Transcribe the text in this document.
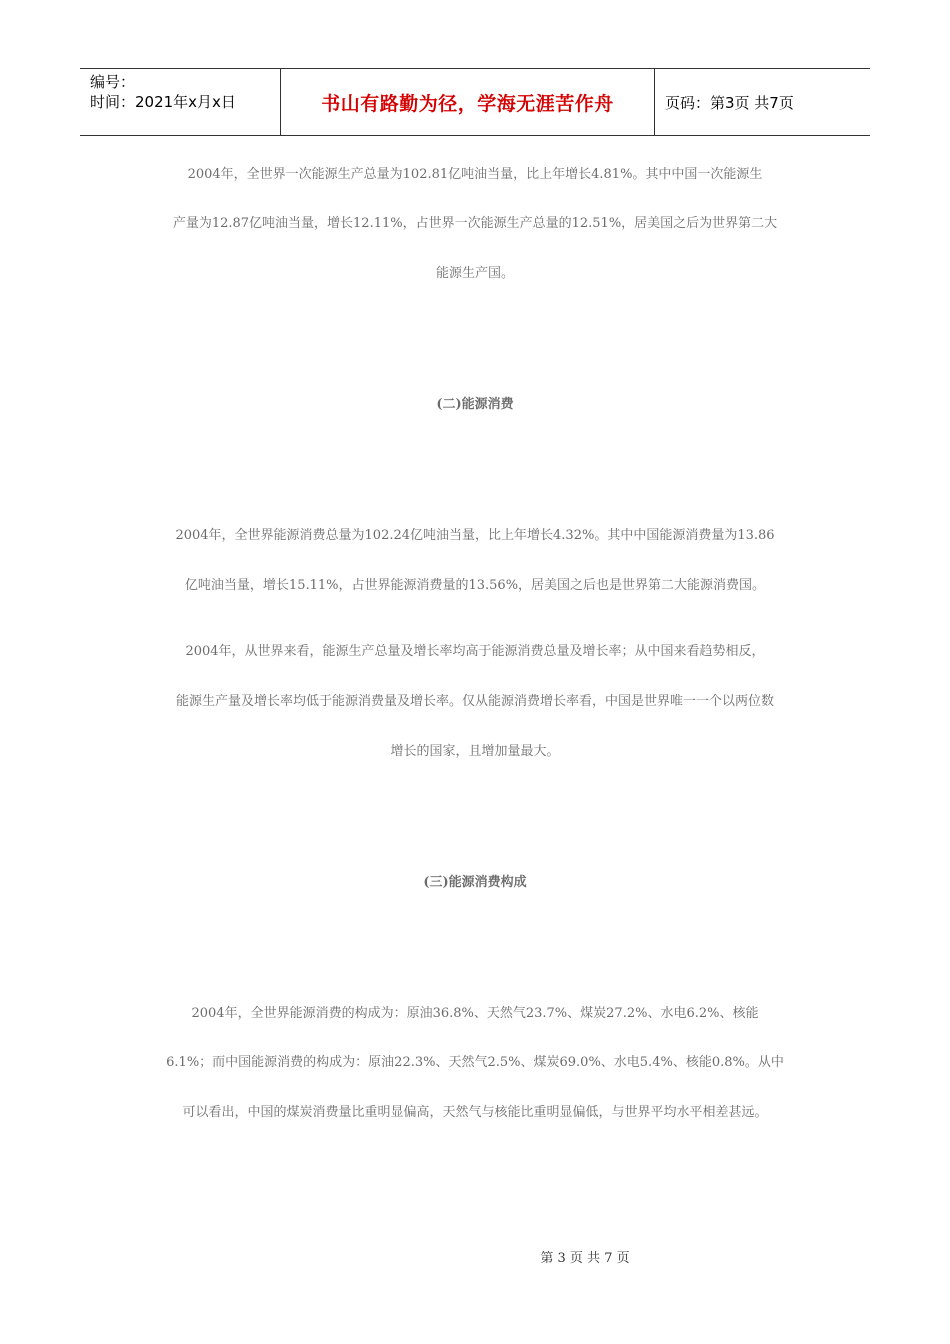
编号：
时间：2021年x月x日	书山有路勤为径，学海无涯苦作舟	页码：第3页 共7页
2004年，全世界一次能源生产总量为102.81亿吨油当量，比上年增长4.81%。其中中国一次能源生
产量为12.87亿吨油当量，增长12.11%，占世界一次能源生产总量的12.51%，居美国之后为世界第二大
能源生产国。
(二)能源消费
2004年，全世界能源消费总量为102.24亿吨油当量，比上年增长4.32%。其中中国能源消费量为13.86
亿吨油当量，增长15.11%，占世界能源消费量的13.56%，居美国之后也是世界第二大能源消费国。
2004年，从世界来看，能源生产总量及增长率均高于能源消费总量及增长率；从中国来看趋势相反，
能源生产量及增长率均低于能源消费量及增长率。仅从能源消费增长率看，中国是世界唯一一个以两位数
增长的国家，且增加量最大。
(三)能源消费构成
2004年，全世界能源消费的构成为：原油36.8%、天然气23.7%、煤炭27.2%、水电6.2%、核能
6.1%；而中国能源消费的构成为：原油22.3%、天然气2.5%、煤炭69.0%、水电5.4%、核能0.8%。从中
可以看出，中国的煤炭消费量比重明显偏高，天然气与核能比重明显偏低，与世界平均水平相差甚远。
第 3 页 共 7 页
